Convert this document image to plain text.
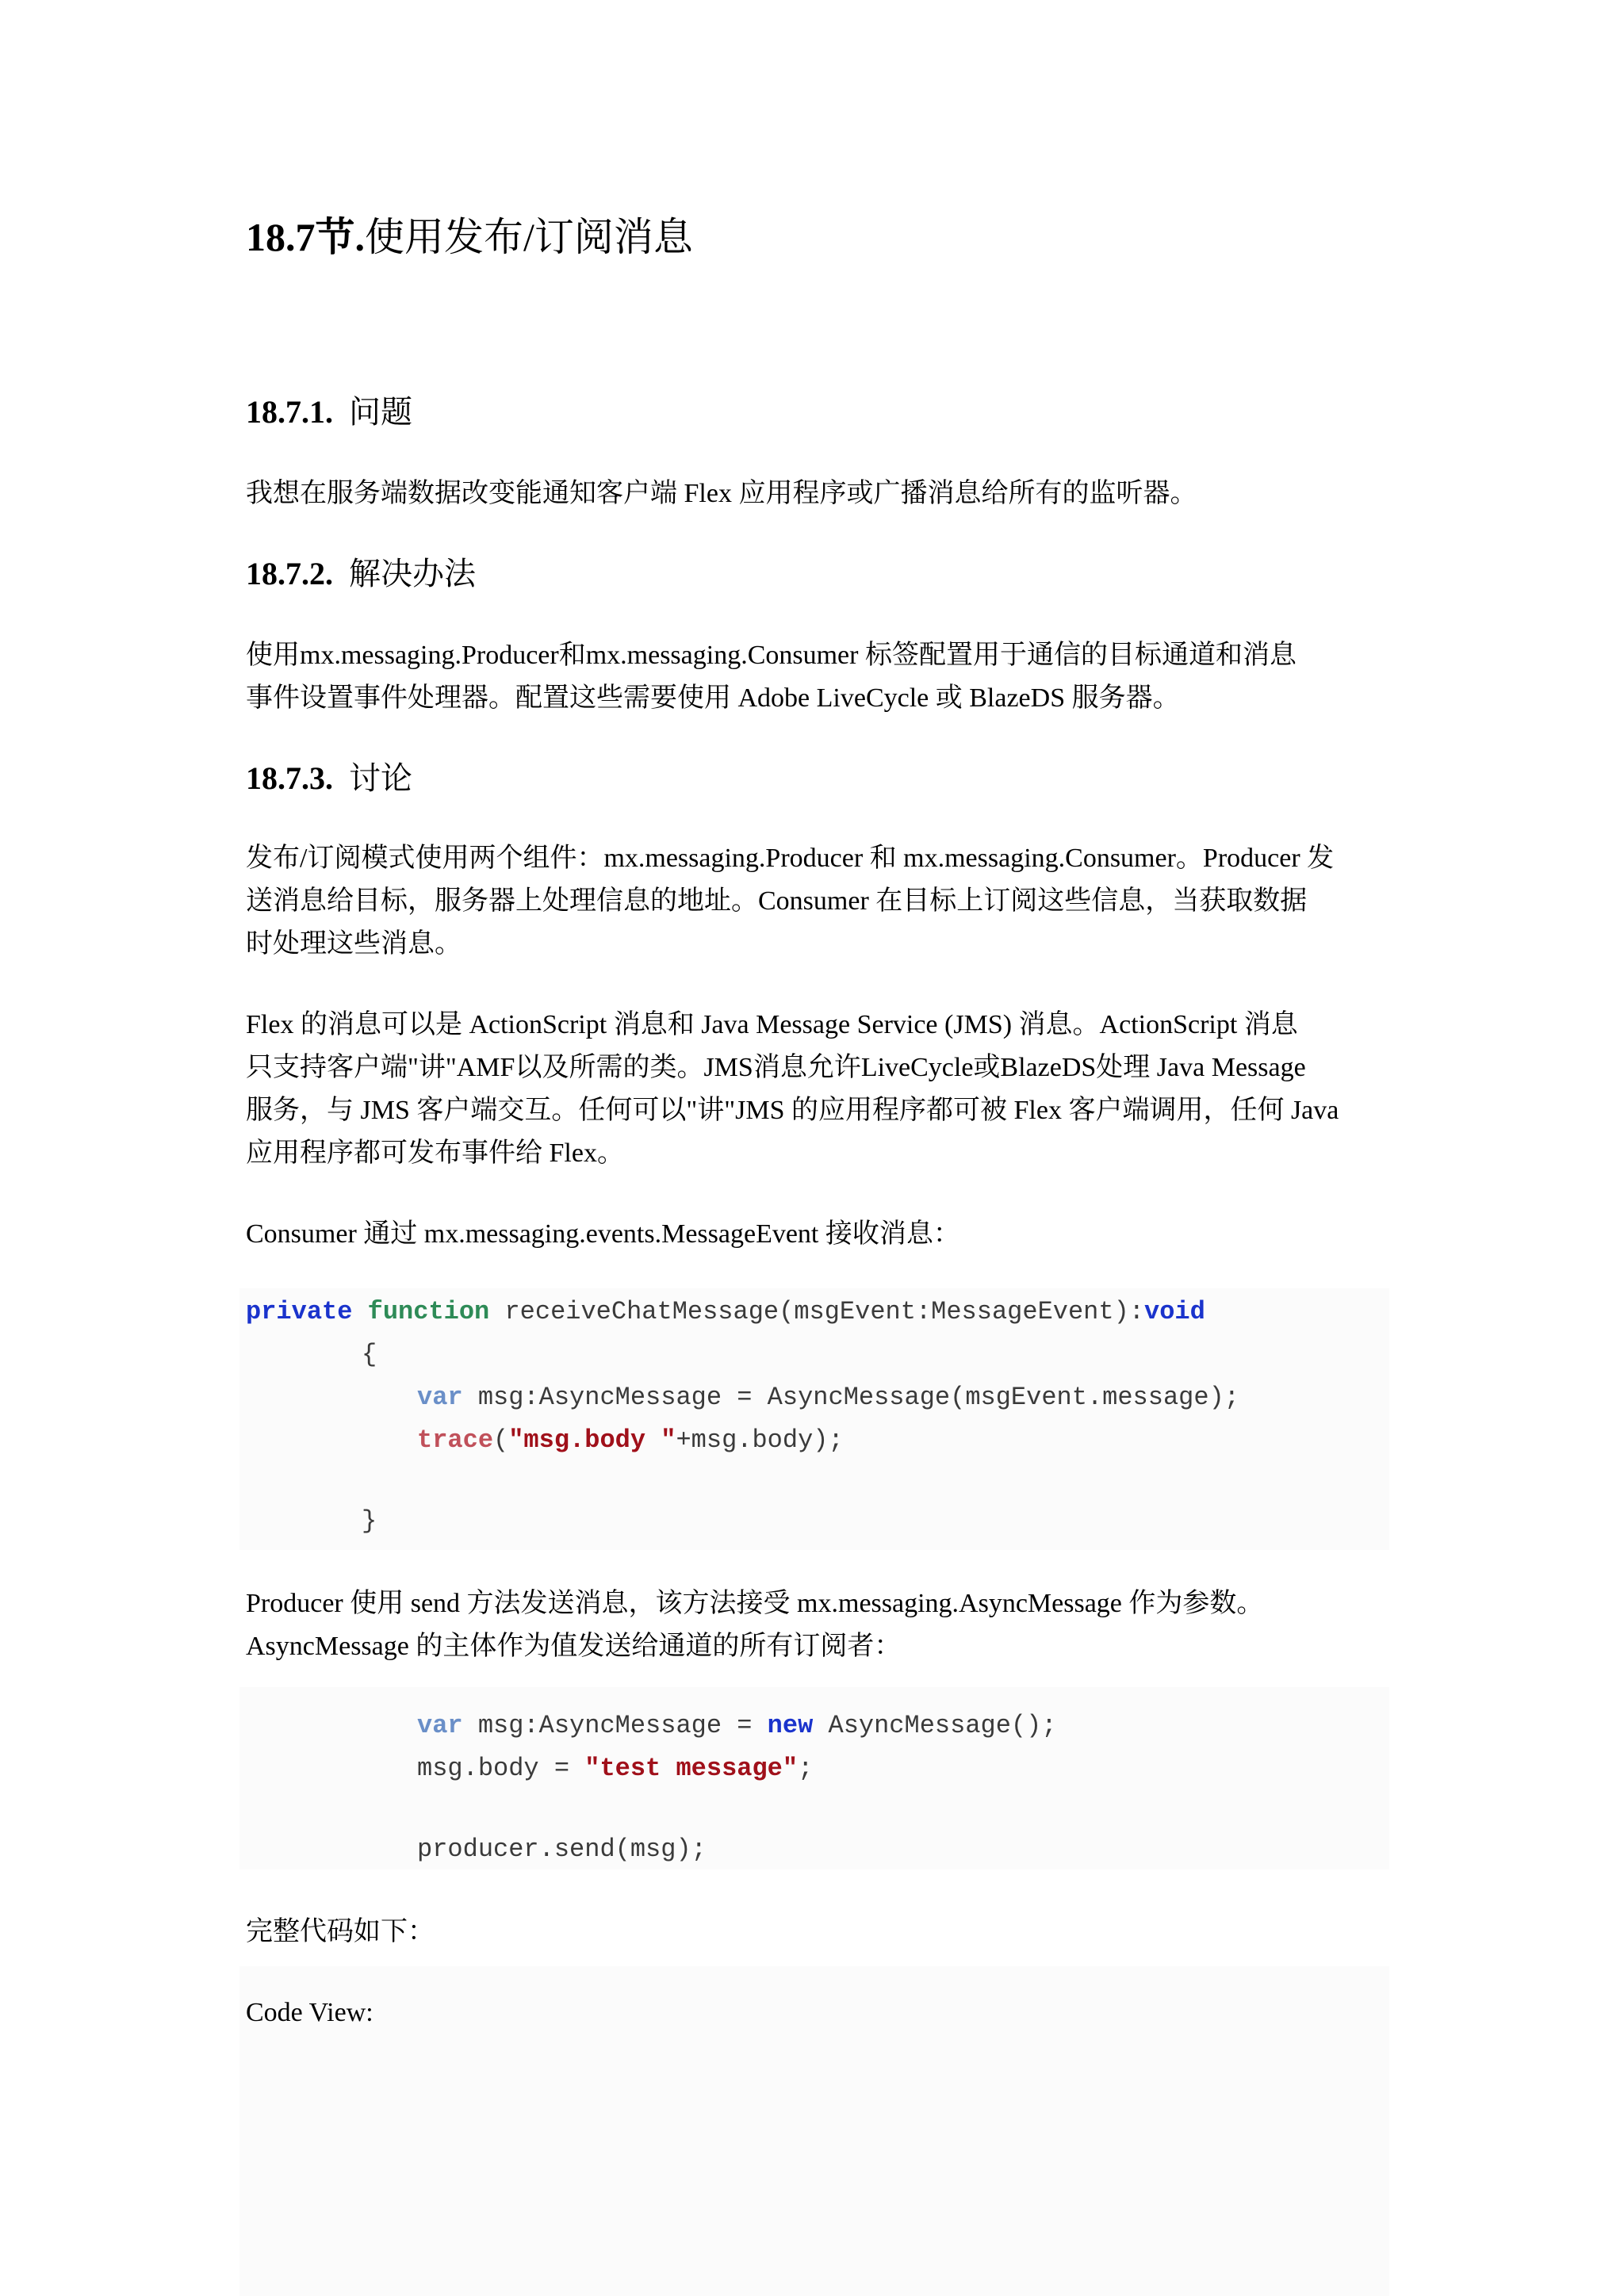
18.7节.使用发布/订阅消息
18.7.1. 问题

我想在服务端数据改变能通知客户端 Flex 应用程序或广播消息给所有的监听器。

18.7.2. 解决办法

使用mx.messaging.Producer和mx.messaging.Consumer 标签配置用于通信的目标通道和消息

事件设置事件处理器。配置这些需要使用 Adobe LiveCycle 或 BlazeDS 服务器。

18.7.3. 讨论

发布/订阅模式使用两个组件：mx.messaging.Producer 和 mx.messaging.Consumer。Producer 发

送消息给目标，服务器上处理信息的地址。Consumer 在目标上订阅这些信息，当获取数据

时处理这些消息。

Flex 的消息可以是 ActionScript 消息和 Java Message Service (JMS) 消息。ActionScript 消息

只支持客户端"讲"AMF以及所需的类。JMS消息允许LiveCycle或BlazeDS处理 Java Message

服务，与 JMS 客户端交互。任何可以"讲"JMS 的应用程序都可被 Flex 客户端调用，任何 Java

应用程序都可发布事件给 Flex。

Consumer 通过 mx.messaging.events.MessageEvent 接收消息：

private function receiveChatMessage(msgEvent:MessageEvent):void
{
var msg:AsyncMessage = AsyncMessage(msgEvent.message);
trace("msg.body "+msg.body);
}

Producer 使用 send 方法发送消息，该方法接受 mx.messaging.AsyncMessage 作为参数。

AsyncMessage 的主体作为值发送给通道的所有订阅者：

var msg:AsyncMessage = new AsyncMessage();
msg.body = "test message";
producer.send(msg);

完整代码如下：

Code View:
